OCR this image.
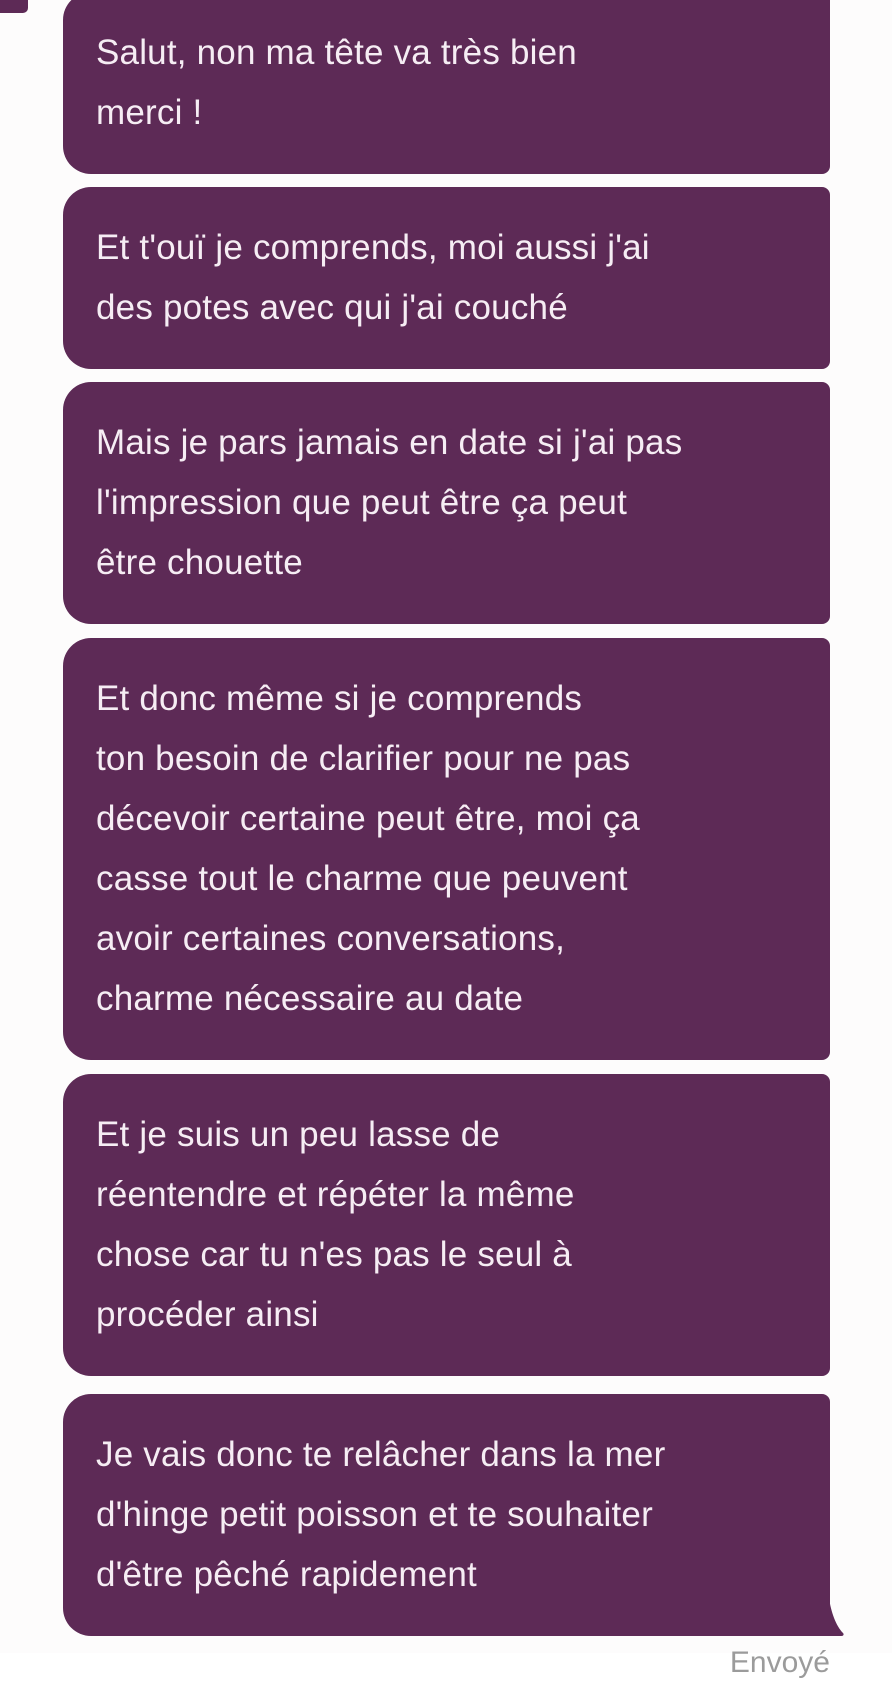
Salut, non ma tête va très bien
merci !
Et t'ouï je comprends, moi aussi j'ai
des potes avec qui j'ai couché
Mais je pars jamais en date si j'ai pas
l'impression que peut être ça peut
être chouette
Et donc même si je comprends
ton besoin de clarifier pour ne pas
décevoir certaine peut être, moi ça
casse tout le charme que peuvent
avoir certaines conversations,
charme nécessaire au date
Et je suis un peu lasse de
réentendre et répéter la même
chose car tu n'es pas le seul à
procéder ainsi
Je vais donc te relâcher dans la mer
d'hinge petit poisson et te souhaiter
d'être pêché rapidement
Envoyé
